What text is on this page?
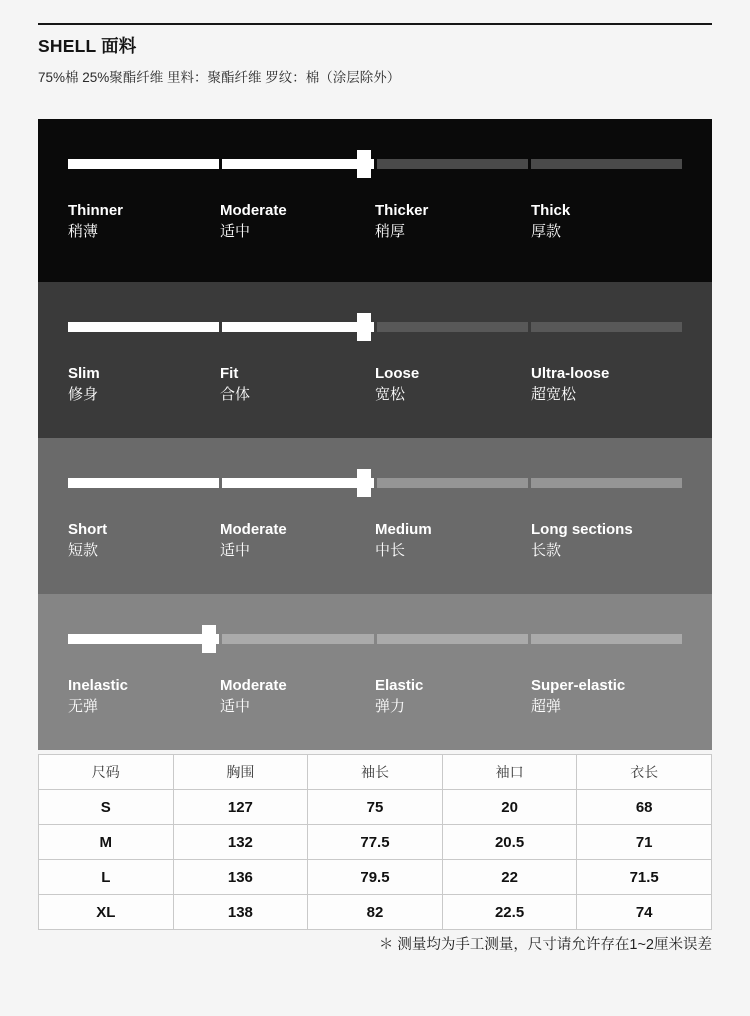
SHELL 面料

75%棉 25%聚酯纤维 里料：聚酯纤维 罗纹：棉（涂层除外）

Thinner
稍薄
Moderate
适中
Thicker
稍厚
Thick
厚款
Slim
修身
Fit
合体
Loose
宽松
Ultra-loose
超宽松
Short
短款
Moderate
适中
Medium
中长
Long sections
长款
Inelastic
无弹
Moderate
适中
Elastic
弹力
Super-elastic
超弹
尺码	胸围	袖长	袖口	衣长
S	127	75	20	68
M	132	77.5	20.5	71
L	136	79.5	22	71.5
XL	138	82	22.5	74

＊ 测量均为手工测量，尺寸请允许存在1~2厘米误差
